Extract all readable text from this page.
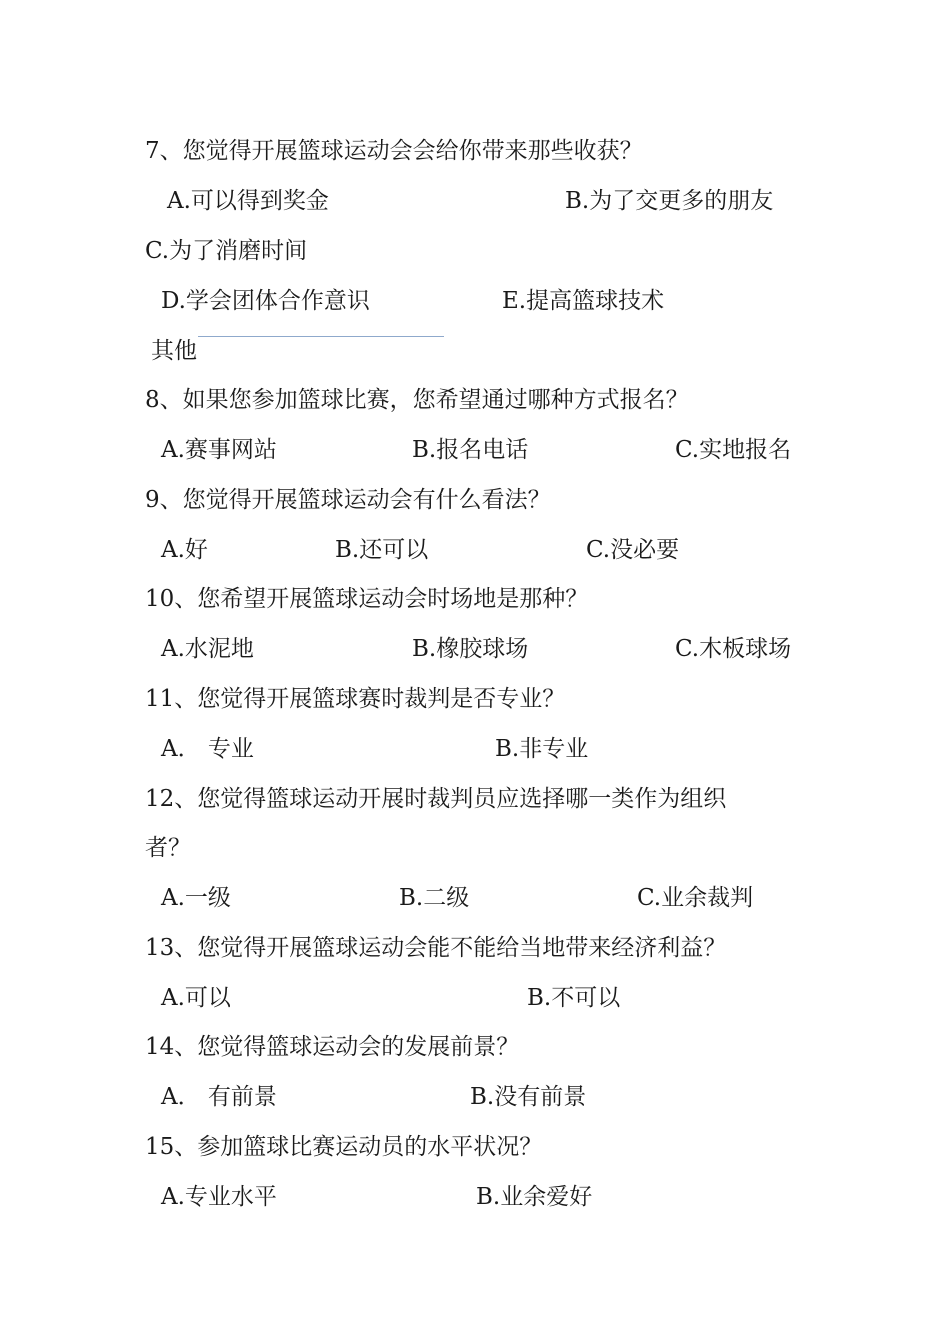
7、您觉得开展篮球运动会会给你带来那些收获？
A.可以得到奖金	B.为了交更多的朋友
C.为了消磨时间
D.学会团体合作意识	E.提高篮球技术
其他
8、如果您参加篮球比赛，您希望通过哪种方式报名？
A.赛事网站	B.报名电话	C.实地报名
9、您觉得开展篮球运动会有什么看法？
A.好	B.还可以	C.没必要
10、您希望开展篮球运动会时场地是那种？
A.水泥地	B.橡胶球场	C.木板球场
11、您觉得开展篮球赛时裁判是否专业？
A． 专业	B.非专业
12、您觉得篮球运动开展时裁判员应选择哪一类作为组织
者？
A.一级	B.二级	C.业余裁判
13、您觉得开展篮球运动会能不能给当地带来经济利益？
A.可以	B.不可以
14、您觉得篮球运动会的发展前景？
A． 有前景	B.没有前景
15、参加篮球比赛运动员的水平状况？
A.专业水平	B.业余爱好
